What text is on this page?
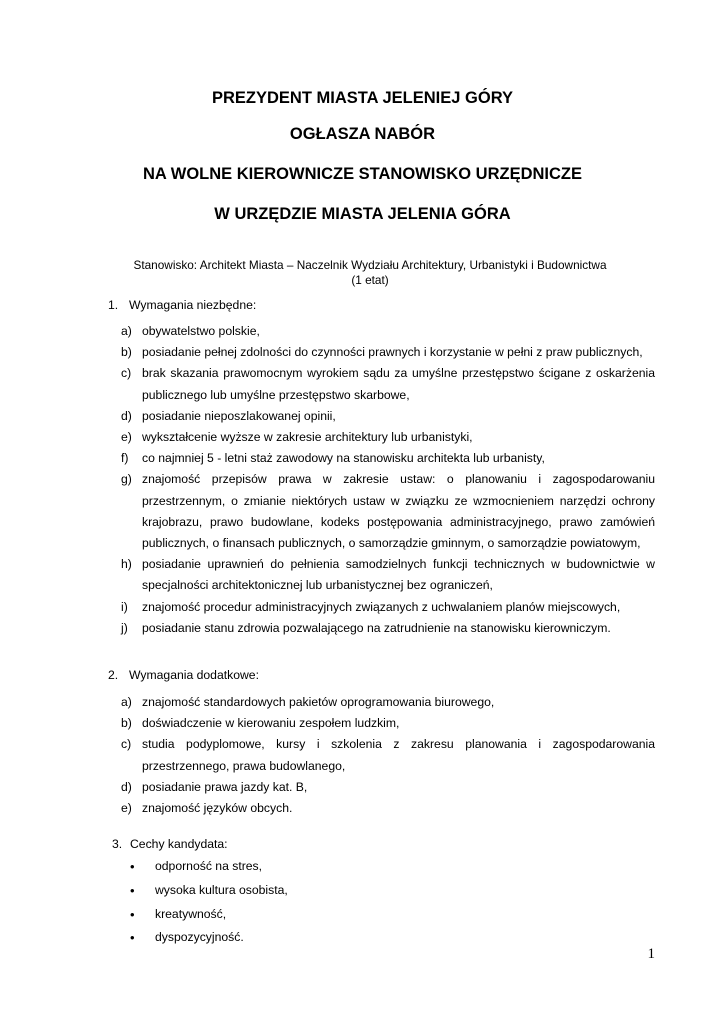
PREZYDENT MIASTA JELENIEJ GÓRY
OGŁASZA NABÓR
NA WOLNE KIEROWNICZE STANOWISKO URZĘDNICZE
W URZĘDZIE MIASTA JELENIA GÓRA
Stanowisko: Architekt Miasta – Naczelnik Wydziału Architektury, Urbanistyki i Budownictwa
(1 etat)
1. Wymagania niezbędne:
a) obywatelstwo polskie,
b) posiadanie pełnej zdolności do czynności prawnych i korzystanie w pełni z praw publicznych,
c) brak skazania prawomocnym wyrokiem sądu za umyślne przestępstwo ścigane z oskarżenia
publicznego lub umyślne przestępstwo skarbowe,
d) posiadanie nieposzlakowanej opinii,
e) wykształcenie wyższe w zakresie architektury lub urbanistyki,
f) co najmniej 5 - letni staż zawodowy na stanowisku architekta lub urbanisty,
g) znajomość przepisów prawa w zakresie ustaw: o planowaniu i zagospodarowaniu
przestrzennym, o zmianie niektórych ustaw w związku ze wzmocnieniem narzędzi ochrony
krajobrazu, prawo budowlane, kodeks postępowania administracyjnego, prawo zamówień
publicznych, o finansach publicznych, o samorządzie gminnym, o samorządzie powiatowym,
h) posiadanie uprawnień do pełnienia samodzielnych funkcji technicznych w budownictwie w
specjalności architektonicznej lub urbanistycznej bez ograniczeń,
i) znajomość procedur administracyjnych związanych z uchwalaniem planów miejscowych,
j) posiadanie stanu zdrowia pozwalającego na zatrudnienie na stanowisku kierowniczym.
2. Wymagania dodatkowe:
a) znajomość standardowych pakietów oprogramowania biurowego,
b) doświadczenie w kierowaniu zespołem ludzkim,
c) studia podyplomowe, kursy i szkolenia z zakresu planowania i zagospodarowania
przestrzennego, prawa budowlanego,
d) posiadanie prawa jazdy kat. B,
e) znajomość języków obcych.
3. Cechy kandydata:
• odporność na stres,
• wysoka kultura osobista,
• kreatywność,
• dyspozycyjność.
1
